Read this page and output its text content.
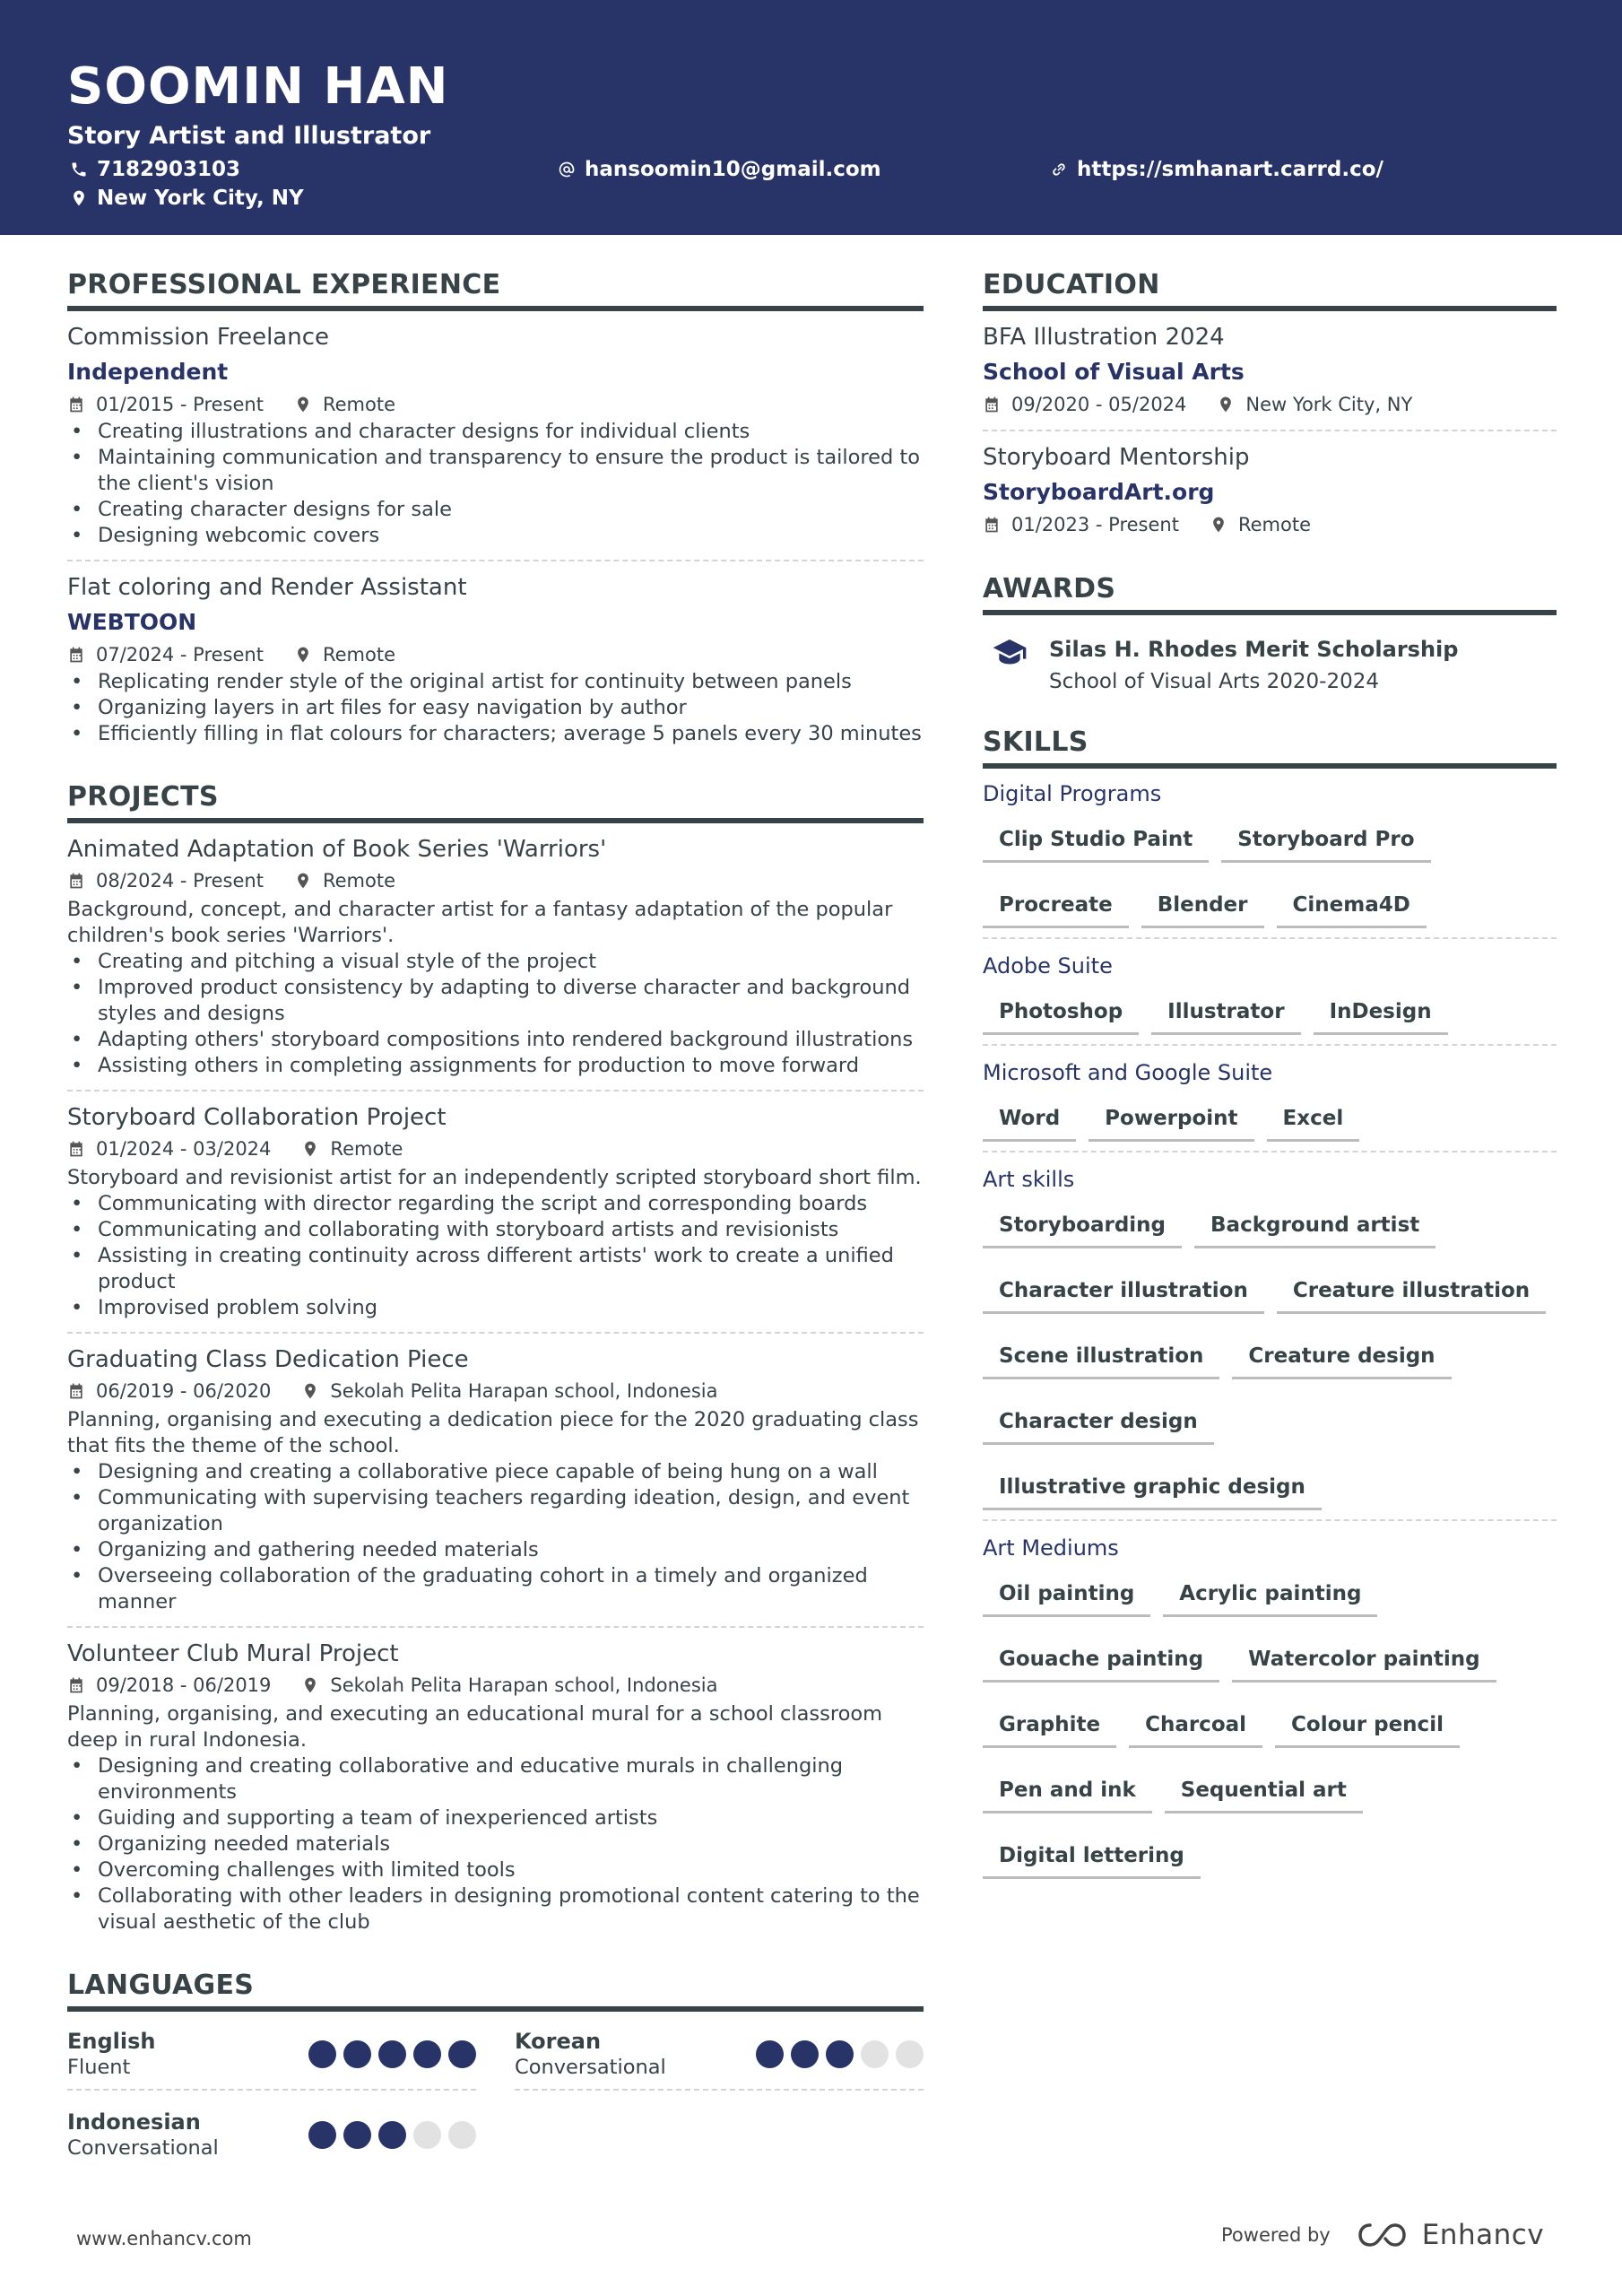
SOOMIN HAN
Story Artist and Illustrator
7182903103
New York City, NY
hansoomin10@gmail.com	https://smhanart.carrd.co/
PROFESSIONAL EXPERIENCE
Commission Freelance
Independent
01/2015 - Present	Remote
• Creating illustrations and character designs for individual clients
• Maintaining communication and transparency to ensure the product is tailored to the client's vision
• Creating character designs for sale
• Designing webcomic covers
Flat coloring and Render Assistant
WEBTOON
07/2024 - Present	Remote
• Replicating render style of the original artist for continuity between panels
• Organizing layers in art files for easy navigation by author
• Efficiently filling in flat colours for characters; average 5 panels every 30 minutes
PROJECTS
Animated Adaptation of Book Series 'Warriors'
08/2024 - Present	Remote
Background, concept, and character artist for a fantasy adaptation of the popular children's book series 'Warriors'.
• Creating and pitching a visual style of the project
• Improved product consistency by adapting to diverse character and background styles and designs
• Adapting others' storyboard compositions into rendered background illustrations
• Assisting others in completing assignments for production to move forward
Storyboard Collaboration Project
01/2024 - 03/2024	Remote
Storyboard and revisionist artist for an independently scripted storyboard short film.
• Communicating with director regarding the script and corresponding boards
• Communicating and collaborating with storyboard artists and revisionists
• Assisting in creating continuity across different artists' work to create a unified product
• Improvised problem solving
Graduating Class Dedication Piece
06/2019 - 06/2020	Sekolah Pelita Harapan school, Indonesia
Planning, organising and executing a dedication piece for the 2020 graduating class that fits the theme of the school.
• Designing and creating a collaborative piece capable of being hung on a wall
• Communicating with supervising teachers regarding ideation, design, and event organization
• Organizing and gathering needed materials
• Overseeing collaboration of the graduating cohort in a timely and organized manner
Volunteer Club Mural Project
09/2018 - 06/2019	Sekolah Pelita Harapan school, Indonesia
Planning, organising, and executing an educational mural for a school classroom deep in rural Indonesia.
• Designing and creating collaborative and educative murals in challenging environments
• Guiding and supporting a team of inexperienced artists
• Organizing needed materials
• Overcoming challenges with limited tools
• Collaborating with other leaders in designing promotional content catering to the visual aesthetic of the club
LANGUAGES
English
Fluent
Korean
Conversational
Indonesian
Conversational
EDUCATION
BFA Illustration 2024
School of Visual Arts
09/2020 - 05/2024	New York City, NY
Storyboard Mentorship
StoryboardArt.org
01/2023 - Present	Remote
AWARDS
Silas H. Rhodes Merit Scholarship
School of Visual Arts 2020-2024
SKILLS
Digital Programs
Clip Studio Paint	Storyboard Pro
Procreate	Blender	Cinema4D
Adobe Suite
Photoshop	Illustrator	InDesign
Microsoft and Google Suite
Word	Powerpoint	Excel
Art skills
Storyboarding	Background artist
Character illustration	Creature illustration
Scene illustration	Creature design
Character design
Illustrative graphic design
Art Mediums
Oil painting	Acrylic painting
Gouache painting	Watercolor painting
Graphite	Charcoal	Colour pencil
Pen and ink	Sequential art
Digital lettering
www.enhancv.com	Powered by	Enhancv
